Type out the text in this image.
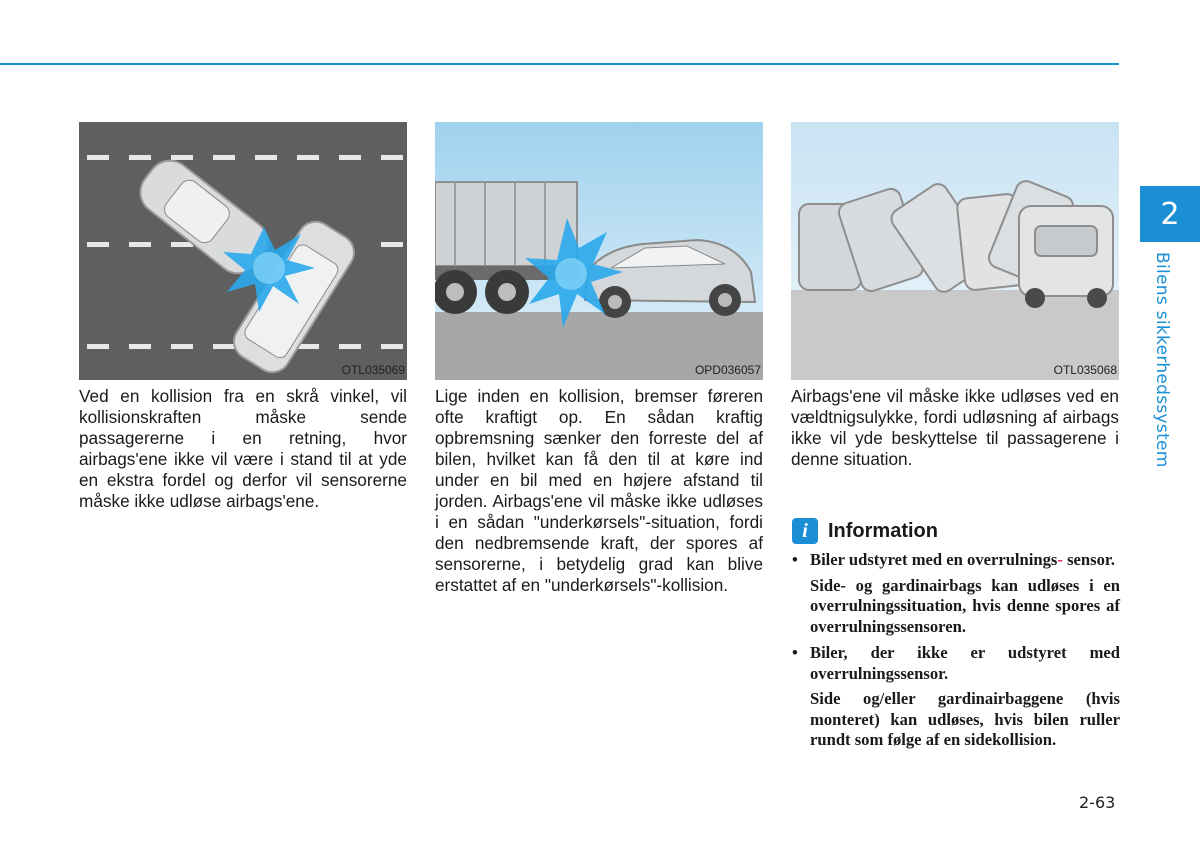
2
Bilens sikkerhedssystem
OTL035069	OPD036057	OTL035068

Ved en kollision fra en skrå vinkel, vil kollisionskraften måske sende passagererne i en retning, hvor airbags'ene ikke vil være i stand til at yde en ekstra fordel og derfor vil sensorerne måske ikke udløse airbags'ene.

Lige inden en kollision, bremser føreren ofte kraftigt op. En sådan kraftig opbremsning sænker den forreste del af bilen, hvilket kan få den til at køre ind under en bil med en højere afstand til jorden. Airbags'ene vil måske ikke udløses i en sådan "underkørsels"-situation, fordi den nedbremsende kraft, der spores af sensorerne, i betydelig grad kan blive erstattet af en "underkørsels"-kollision.

Airbags'ene vil måske ikke udløses ved en vældtnigsulykke, fordi udløsning af airbags ikke vil yde beskyttelse til passagerene i denne situation.

i	Information
• Biler udstyret med en overrulnings- sensor.
Side- og gardinairbags kan udløses i en overrulningssituation, hvis denne spores af overrulningssensoren.
• Biler, der ikke er udstyret med overrulningssensor.
Side og/eller gardinairbaggene (hvis monteret) kan udløses, hvis bilen ruller rundt som følge af en sidekollision.
2-63
